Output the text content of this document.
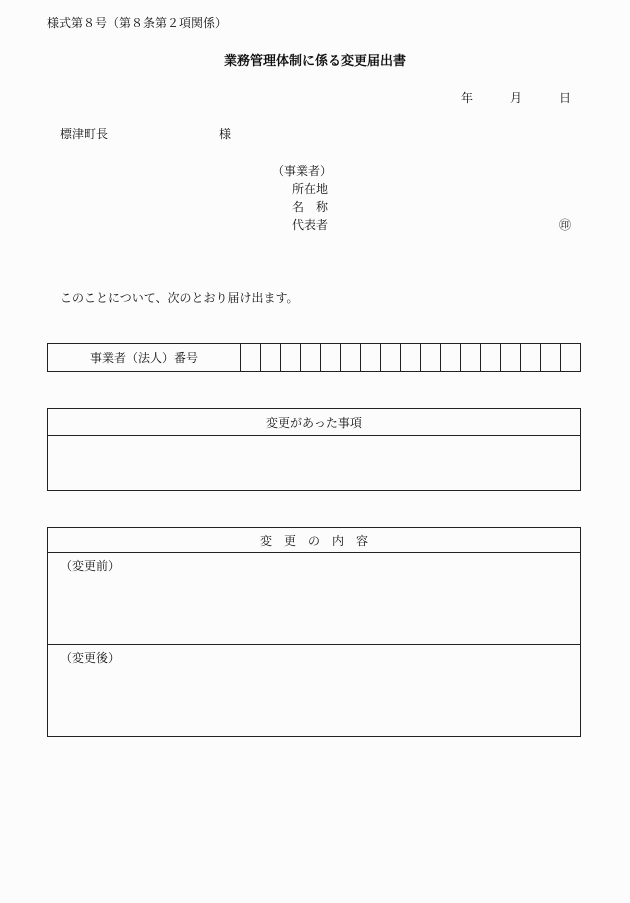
様式第８号（第８条第２項関係）
業務管理体制に係る変更届出書
年	月	日
標津町長	様
（事業者）
所在地
名　称
代表者	㊞
このことについて、次のとおり届け出ます。
事業者（法人）番号
変更があった事項
変　更　の　内　容
（変更前）
（変更後）
